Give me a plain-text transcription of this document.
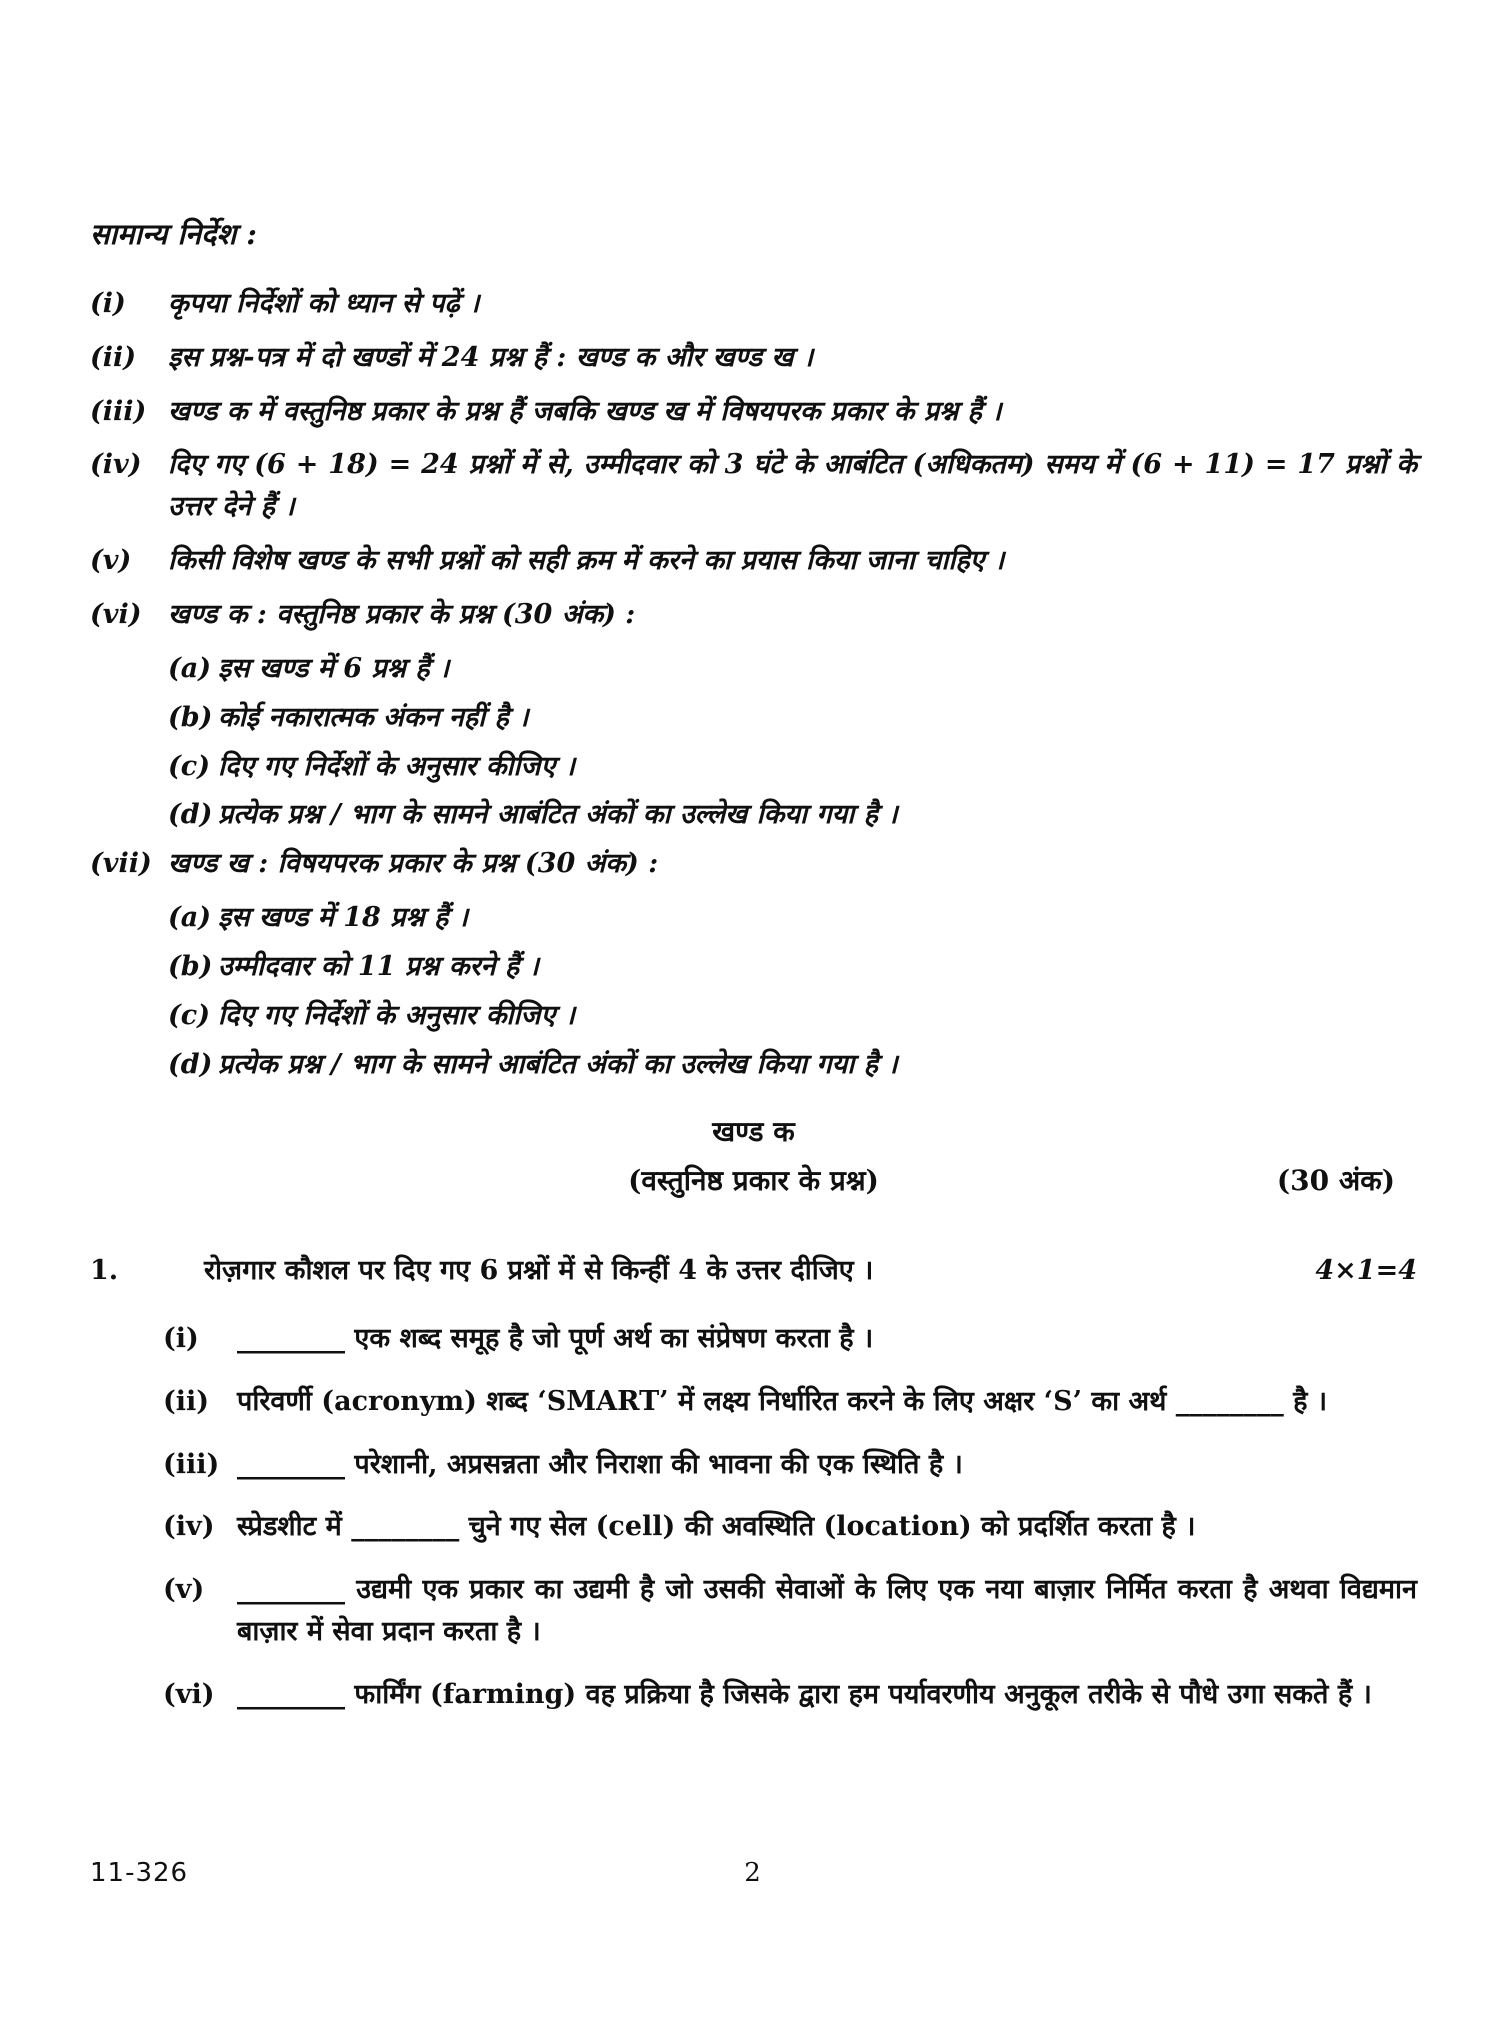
सामान्य निर्देश :
(i)	कृपया निर्देशों को ध्यान से पढ़ें ।
(ii)	इस प्रश्न-पत्र में दो खण्डों में 24 प्रश्न हैं : खण्ड क और खण्ड ख ।
(iii) खण्ड क में वस्तुनिष्ठ प्रकार के प्रश्न हैं जबकि खण्ड ख में विषयपरक प्रकार के प्रश्न हैं ।
(iv) दिए गए (6 + 18) = 24 प्रश्नों में से, उम्मीदवार को 3 घंटे के आबंटित (अधिकतम) समय में (6 + 11) = 17 प्रश्नों के उत्तर देने हैं ।
(v)	किसी विशेष खण्ड के सभी प्रश्नों को सही क्रम में करने का प्रयास किया जाना चाहिए ।
(vi) खण्ड क : वस्तुनिष्ठ प्रकार के प्रश्न (30 अंक) :
(a) इस खण्ड में 6 प्रश्न हैं ।
(b) कोई नकारात्मक अंकन नहीं है ।
(c) दिए गए निर्देशों के अनुसार कीजिए ।
(d) प्रत्येक प्रश्न / भाग के सामने आबंटित अंकों का उल्लेख किया गया है ।
(vii) खण्ड ख : विषयपरक प्रकार के प्रश्न (30 अंक) :
(a) इस खण्ड में 18 प्रश्न हैं ।
(b) उम्मीदवार को 11 प्रश्न करने हैं ।
(c) दिए गए निर्देशों के अनुसार कीजिए ।
(d) प्रत्येक प्रश्न / भाग के सामने आबंटित अंकों का उल्लेख किया गया है ।
खण्ड क
(वस्तुनिष्ठ प्रकार के प्रश्न)	(30 अंक)
1.	रोज़गार कौशल पर दिए गए 6 प्रश्नों में से किन्हीं 4 के उत्तर दीजिए ।	4×1=4
(i)	________ एक शब्द समूह है जो पूर्ण अर्थ का संप्रेषण करता है ।
(ii)	परिवर्णी (acronym) शब्द ‘SMART’ में लक्ष्य निर्धारित करने के लिए अक्षर ‘S’ का अर्थ ________ है ।
(iii) ________ परेशानी, अप्रसन्नता और निराशा की भावना की एक स्थिति है ।
(iv) स्प्रेडशीट में ________ चुने गए सेल (cell) की अवस्थिति (location) को प्रदर्शित करता है ।
(v)	________ उद्यमी एक प्रकार का उद्यमी है जो उसकी सेवाओं के लिए एक नया बाज़ार निर्मित करता है अथवा विद्यमान बाज़ार में सेवा प्रदान करता है ।
(vi) ________ फार्मिंग (farming) वह प्रक्रिया है जिसके द्वारा हम पर्यावरणीय अनुकूल तरीके से पौधे उगा सकते हैं ।
11-326	2
